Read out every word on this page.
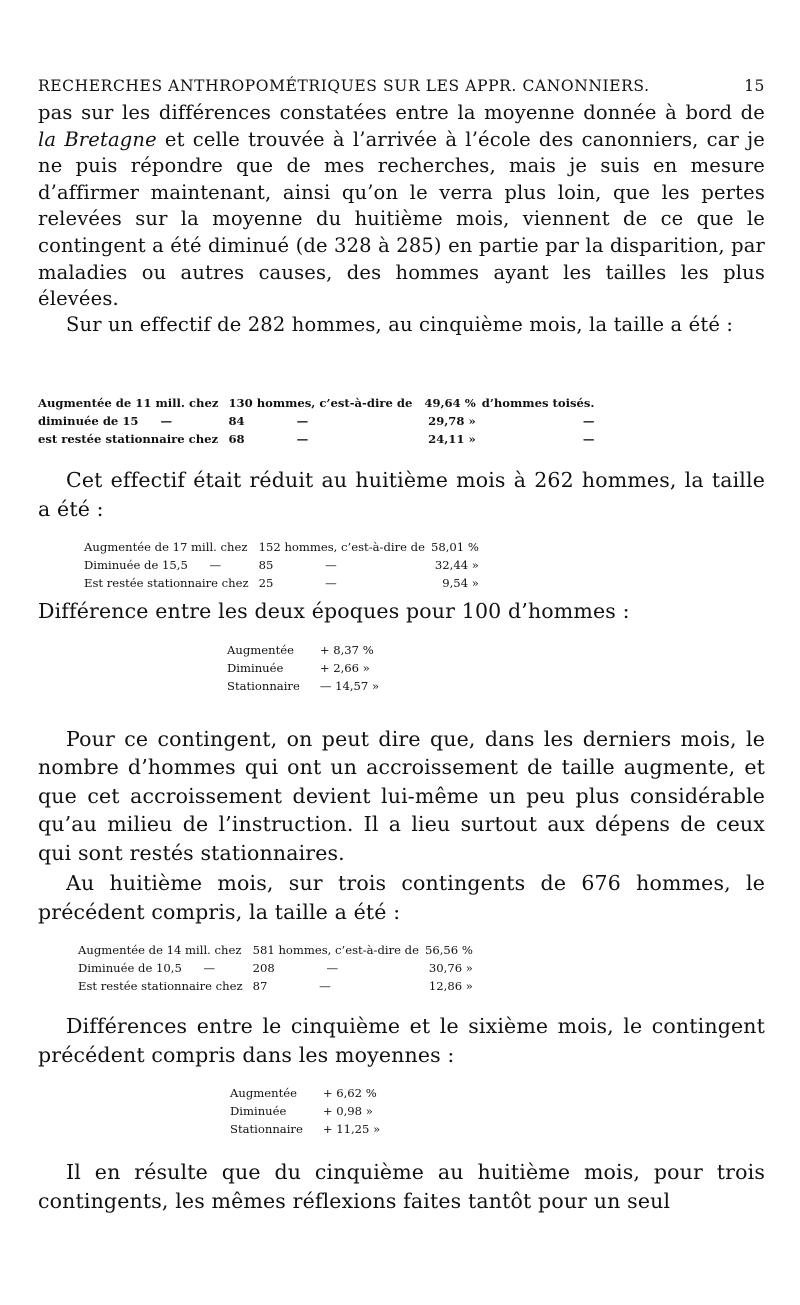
RECHERCHES ANTHROPOMÉTRIQUES SUR LES APPR. CANONNIERS.	15

pas sur les différences constatées entre la moyenne donnée à bord de la Bretagne et celle trouvée à l’arrivée à l’école des canonniers, car je ne puis répondre que de mes recherches, mais je suis en mesure d’affirmer maintenant, ainsi qu’on le verra plus loin, que les pertes relevées sur la moyenne du huitième mois, viennent de ce que le contingent a été diminué (de 328 à 285) en partie par la disparition, par maladies ou autres causes, des hommes ayant les tailles les plus élevées.

Sur un effectif de 282 hommes, au cinquième mois, la taille a été :

Augmentée de 11 mill. chez	130 hommes, c’est-à-dire de	49,64 %	d’hommes toisés.
diminuée de 15 —	84 —	29,78 »	—
est restée stationnaire chez	68 —	24,11 »	—

Cet effectif était réduit au huitième mois à 262 hommes, la taille a été :

Augmentée de 17 mill. chez	152 hommes, c’est-à-dire de	58,01 %
Diminuée de 15,5 —	85 —	32,44 »
Est restée stationnaire chez	25 —	9,54 »

Différence entre les deux époques pour 100 d’hommes :

Augmentée	+ 8,37 %
Diminuée	+ 2,66 »
Stationnaire	— 14,57 »

Pour ce contingent, on peut dire que, dans les derniers mois, le nombre d’hommes qui ont un accroissement de taille augmente, et que cet accroissement devient lui-même un peu plus considérable qu’au milieu de l’instruction. Il a lieu surtout aux dépens de ceux qui sont restés stationnaires.

Au huitième mois, sur trois contingents de 676 hommes, le précédent compris, la taille a été :

Augmentée de 14 mill. chez	581 hommes, c’est-à-dire de	56,56 %
Diminuée de 10,5 —	208 —	30,76 »
Est restée stationnaire chez	87 —	12,86 »

Différences entre le cinquième et le sixième mois, le contingent précédent compris dans les moyennes :

Augmentée	+ 6,62 %
Diminuée	+ 0,98 »
Stationnaire	+ 11,25 »

Il en résulte que du cinquième au huitième mois, pour trois contingents, les mêmes réflexions faites tantôt pour un seul
